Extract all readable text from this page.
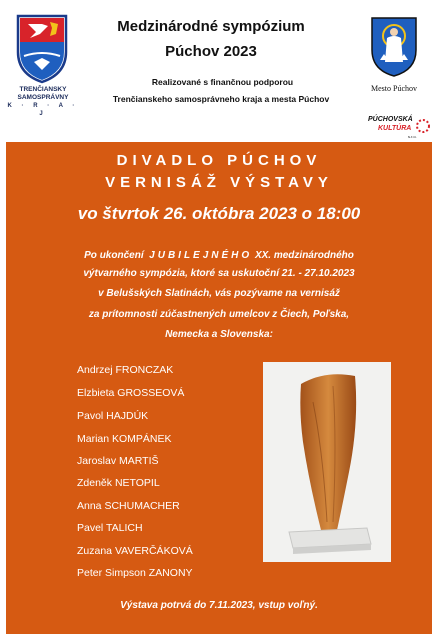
TRENČIANSKY
SAMOSPRÁVNY
K · R · A · J
Medzinárodné sympózium
Púchov 2023
Realizované s finančnou podporou
Trenčianskeho samosprávneho kraja a mesta Púchov
Mesto Púchov
PÚCHOVSKÁ
KULTÚRA
s.r.o.
DIVADLO PÚCHOV
VERNISÁŽ VÝSTAVY
vo štvrtok 26. októbra 2023 o 18:00
Po ukončení JUBILEJNÉHO XX. medzinárodného
výtvarného sympózia, ktoré sa uskutoční 21. - 27.10.2023
v Belušských Slatinách, vás pozývame na vernisáž
za prítomnosti zúčastnených umelcov z Čiech, Poľska,
Nemecka a Slovenska:
Andrzej FRONCZAK
Elzbieta GROSSEOVÁ
Pavol HAJDÚK
Marian KOMPÁNEK
Jaroslav MARTIŠ
Zdeněk NETOPIL
Anna SCHUMACHER
Pavel TALICH
Zuzana VAVERČÁKOVÁ
Peter Simpson ZANONY
Výstava potrvá do 7.11.2023, vstup voľný.
